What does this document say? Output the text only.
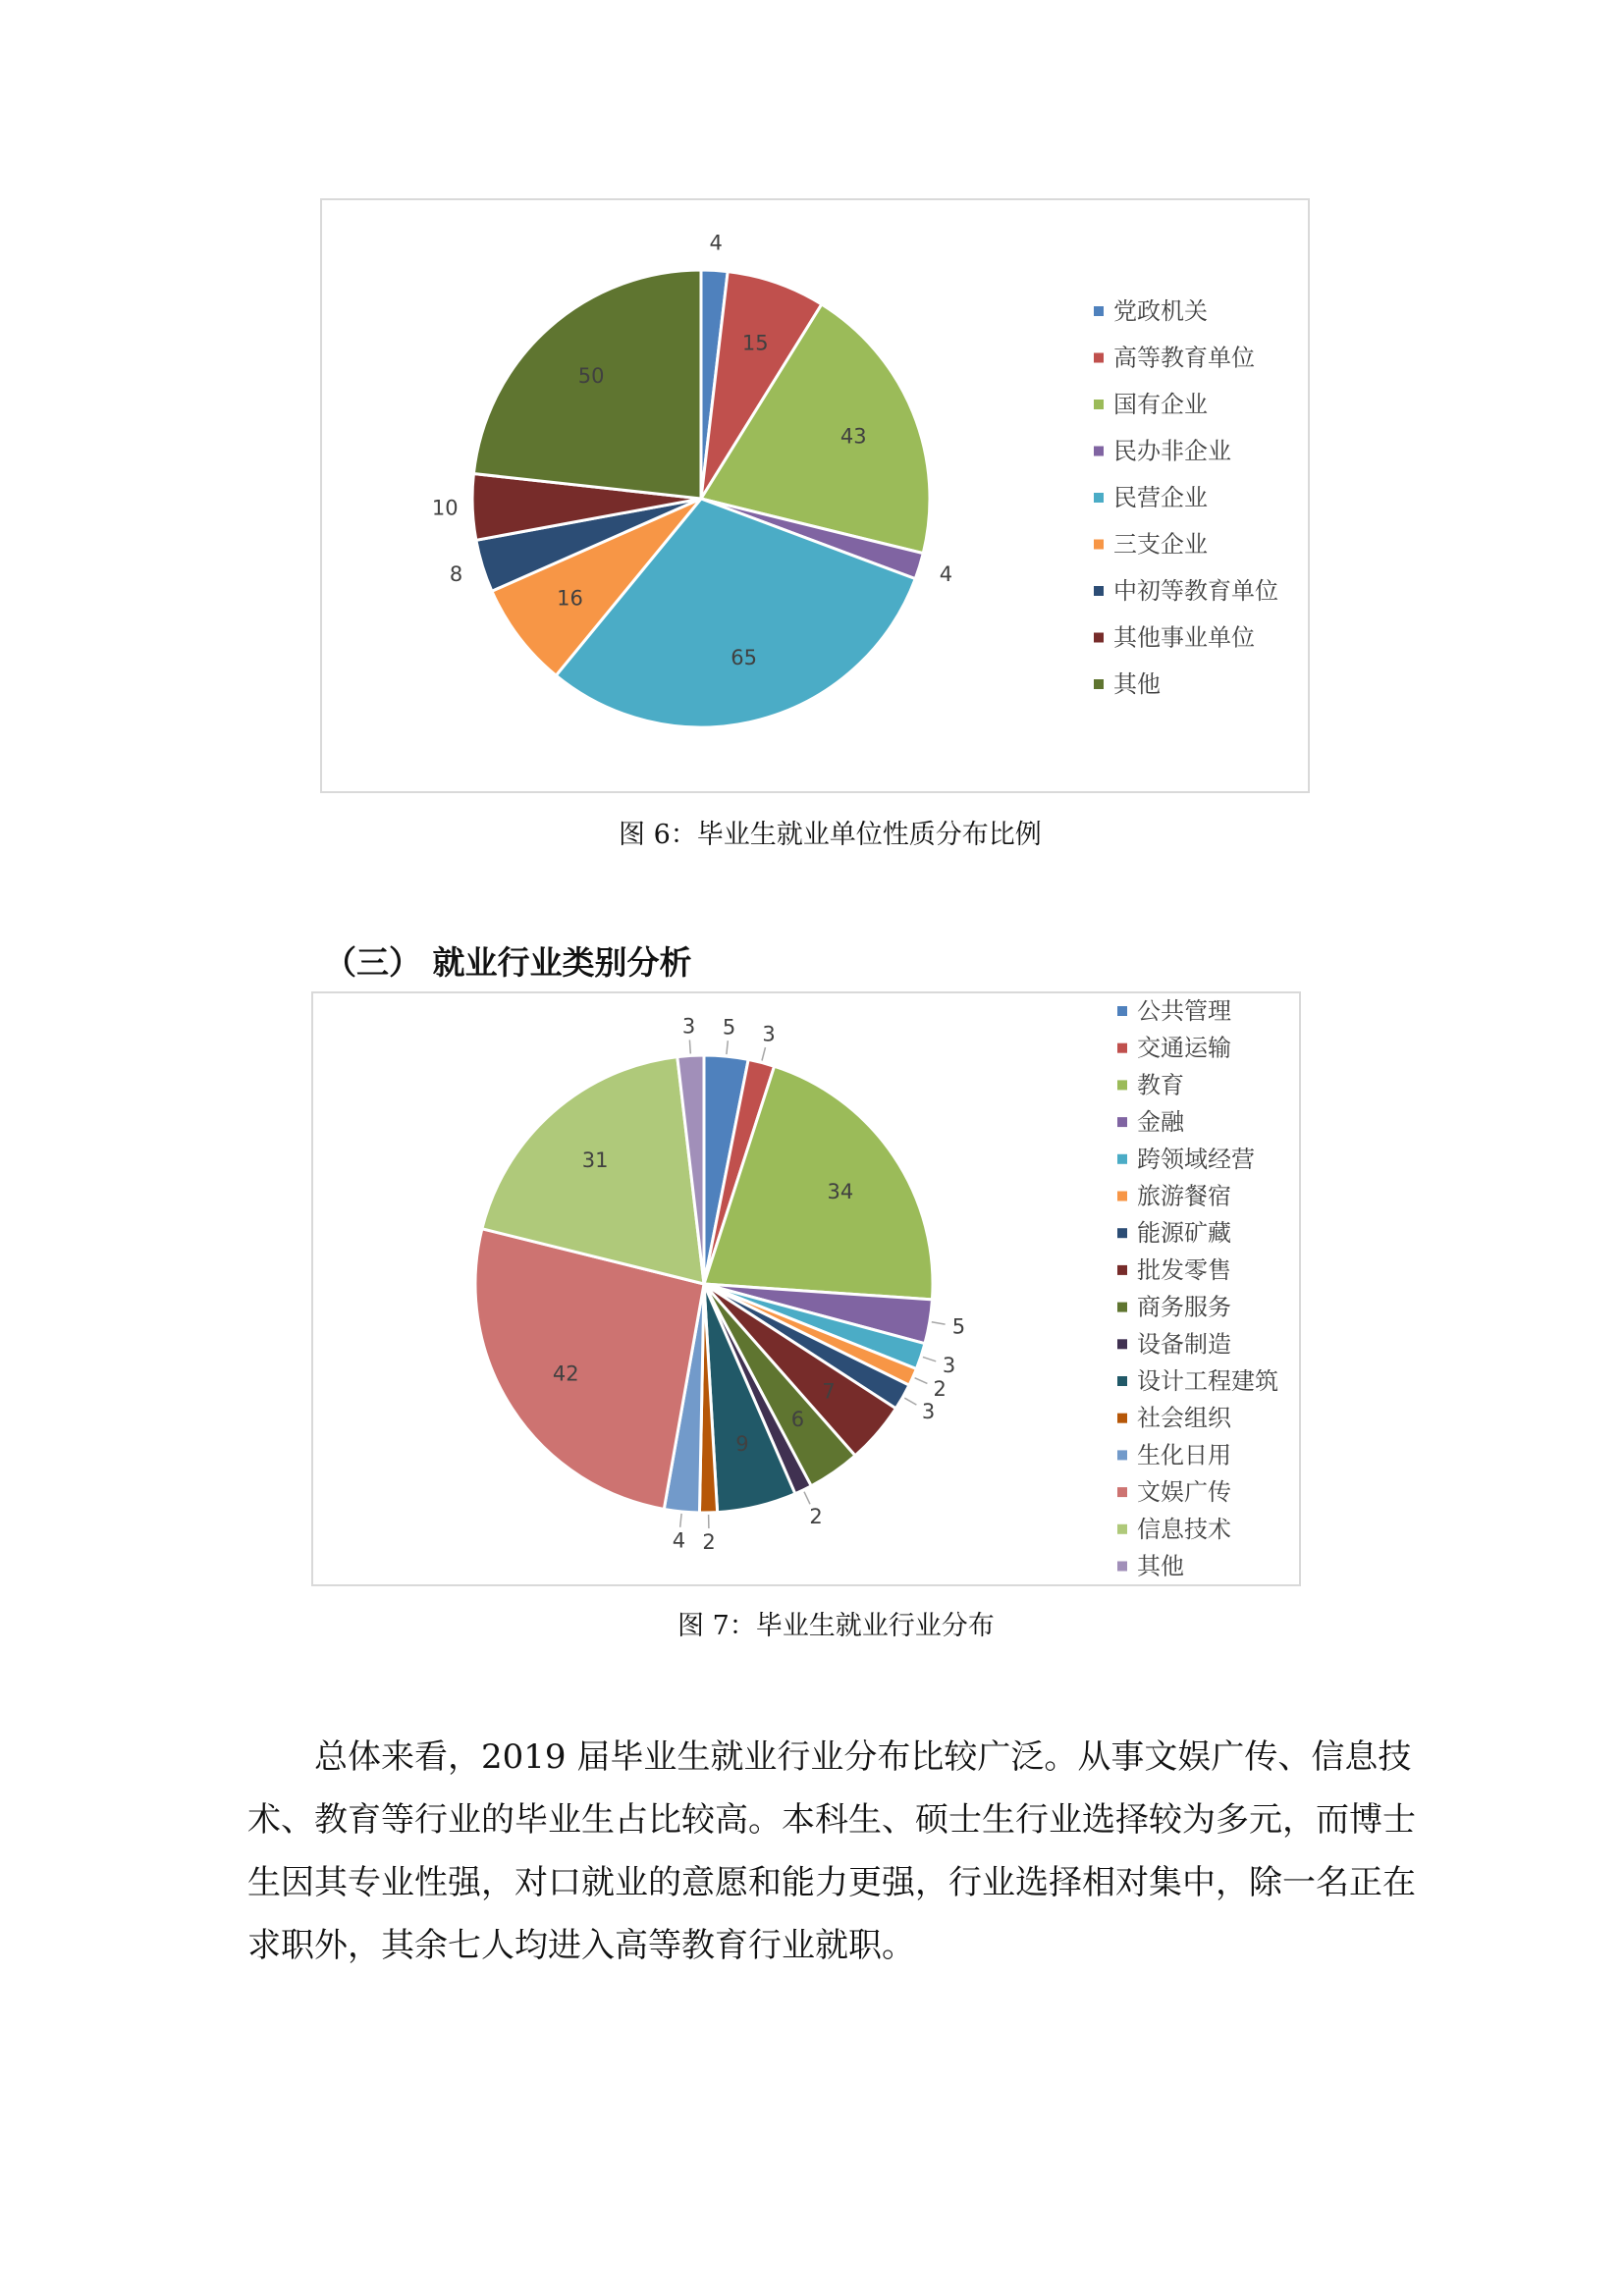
4
15
43
4
65
16
8
10
50
党政机关
高等教育单位
国有企业
民办非企业
民营企业
三支企业
中初等教育单位
其他事业单位
其他
图 6：毕业生就业单位性质分布比例
（三） 就业行业类别分析
5 3
34
5
3
2
3
7
6
2
9
2
4
42
31
3
公共管理
交通运输
教育
金融
跨领域经营
旅游餐宿
能源矿藏
批发零售
商务服务
设备制造
设计工程建筑
社会组织
生化日用
文娱广传
信息技术
其他
图 7：毕业生就业行业分布
总体来看，2019 届毕业生就业行业分布比较广泛。从事文娱广传、信息技
术、教育等行业的毕业生占比较高。本科生、硕士生行业选择较为多元，而博士
生因其专业性强，对口就业的意愿和能力更强，行业选择相对集中，除一名正在
求职外，其余七人均进入高等教育行业就职。
